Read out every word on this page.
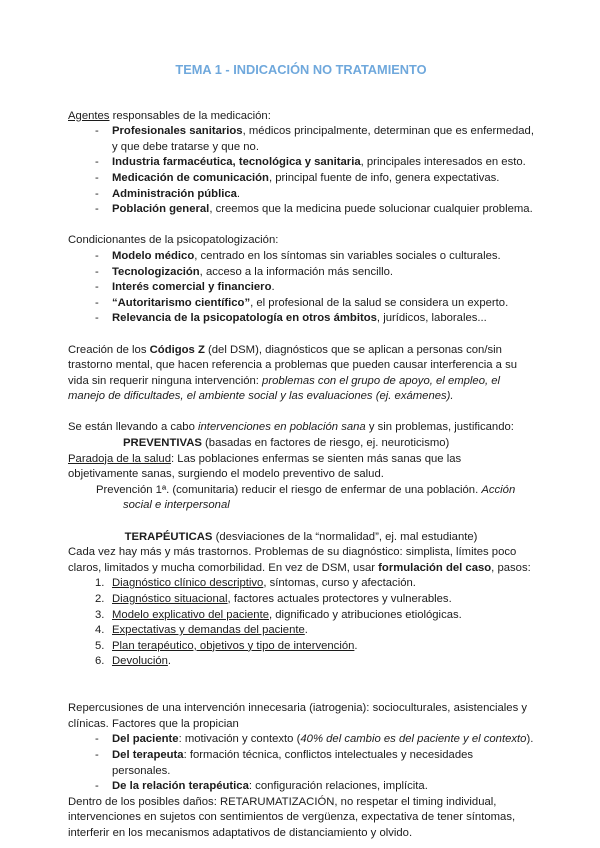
TEMA 1 - INDICACIÓN NO TRATAMIENTO
Agentes responsables de la medicación:
- Profesionales sanitarios, médicos principalmente, determinan que es enfermedad, y que debe tratarse y que no.
- Industria farmacéutica, tecnológica y sanitaria, principales interesados en esto.
- Medicación de comunicación, principal fuente de info, genera expectativas.
- Administración pública.
- Población general, creemos que la medicina puede solucionar cualquier problema.
Condicionantes de la psicopatologización:
- Modelo médico, centrado en los síntomas sin variables sociales o culturales.
- Tecnologización, acceso a la información más sencillo.
- Interés comercial y financiero.
- “Autoritarismo científico”, el profesional de la salud se considera un experto.
- Relevancia de la psicopatología en otros ámbitos, jurídicos, laborales...
Creación de los Códigos Z (del DSM), diagnósticos que se aplican a personas con/sin trastorno mental, que hacen referencia a problemas que pueden causar interferencia a su vida sin requerir ninguna intervención: problemas con el grupo de apoyo, el empleo, el manejo de dificultades, el ambiente social y las evaluaciones (ej. exámenes).
Se están llevando a cabo intervenciones en población sana y sin problemas, justificando:
PREVENTIVAS (basadas en factores de riesgo, ej. neuroticismo)
Paradoja de la salud: Las poblaciones enfermas se sienten más sanas que las objetivamente sanas, surgiendo el modelo preventivo de salud.
Prevención 1ª. (comunitaria) reducir el riesgo de enfermar de una población. Acción social e interpersonal
TERAPÉUTICAS (desviaciones de la “normalidad”, ej. mal estudiante)
Cada vez hay más y más trastornos. Problemas de su diagnóstico: simplista, límites poco claros, limitados y mucha comorbilidad. En vez de DSM, usar formulación del caso, pasos:
1. Diagnóstico clínico descriptivo, síntomas, curso y afectación.
2. Diagnóstico situacional, factores actuales protectores y vulnerables.
3. Modelo explicativo del paciente, dignificado y atribuciones etiológicas.
4. Expectativas y demandas del paciente.
5. Plan terapéutico, objetivos y tipo de intervención.
6. Devolución.
Repercusiones de una intervención innecesaria (iatrogenia): socioculturales, asistenciales y clínicas. Factores que la propician
- Del paciente: motivación y contexto (40% del cambio es del paciente y el contexto).
- Del terapeuta: formación técnica, conflictos intelectuales y necesidades personales.
- De la relación terapéutica: configuración relaciones, implícita.
Dentro de los posibles daños: RETARUMATIZACIÓN, no respetar el timing individual, intervenciones en sujetos con sentimientos de vergüenza, expectativa de tener síntomas, interferir en los mecanismos adaptativos de distanciamiento y olvido.
